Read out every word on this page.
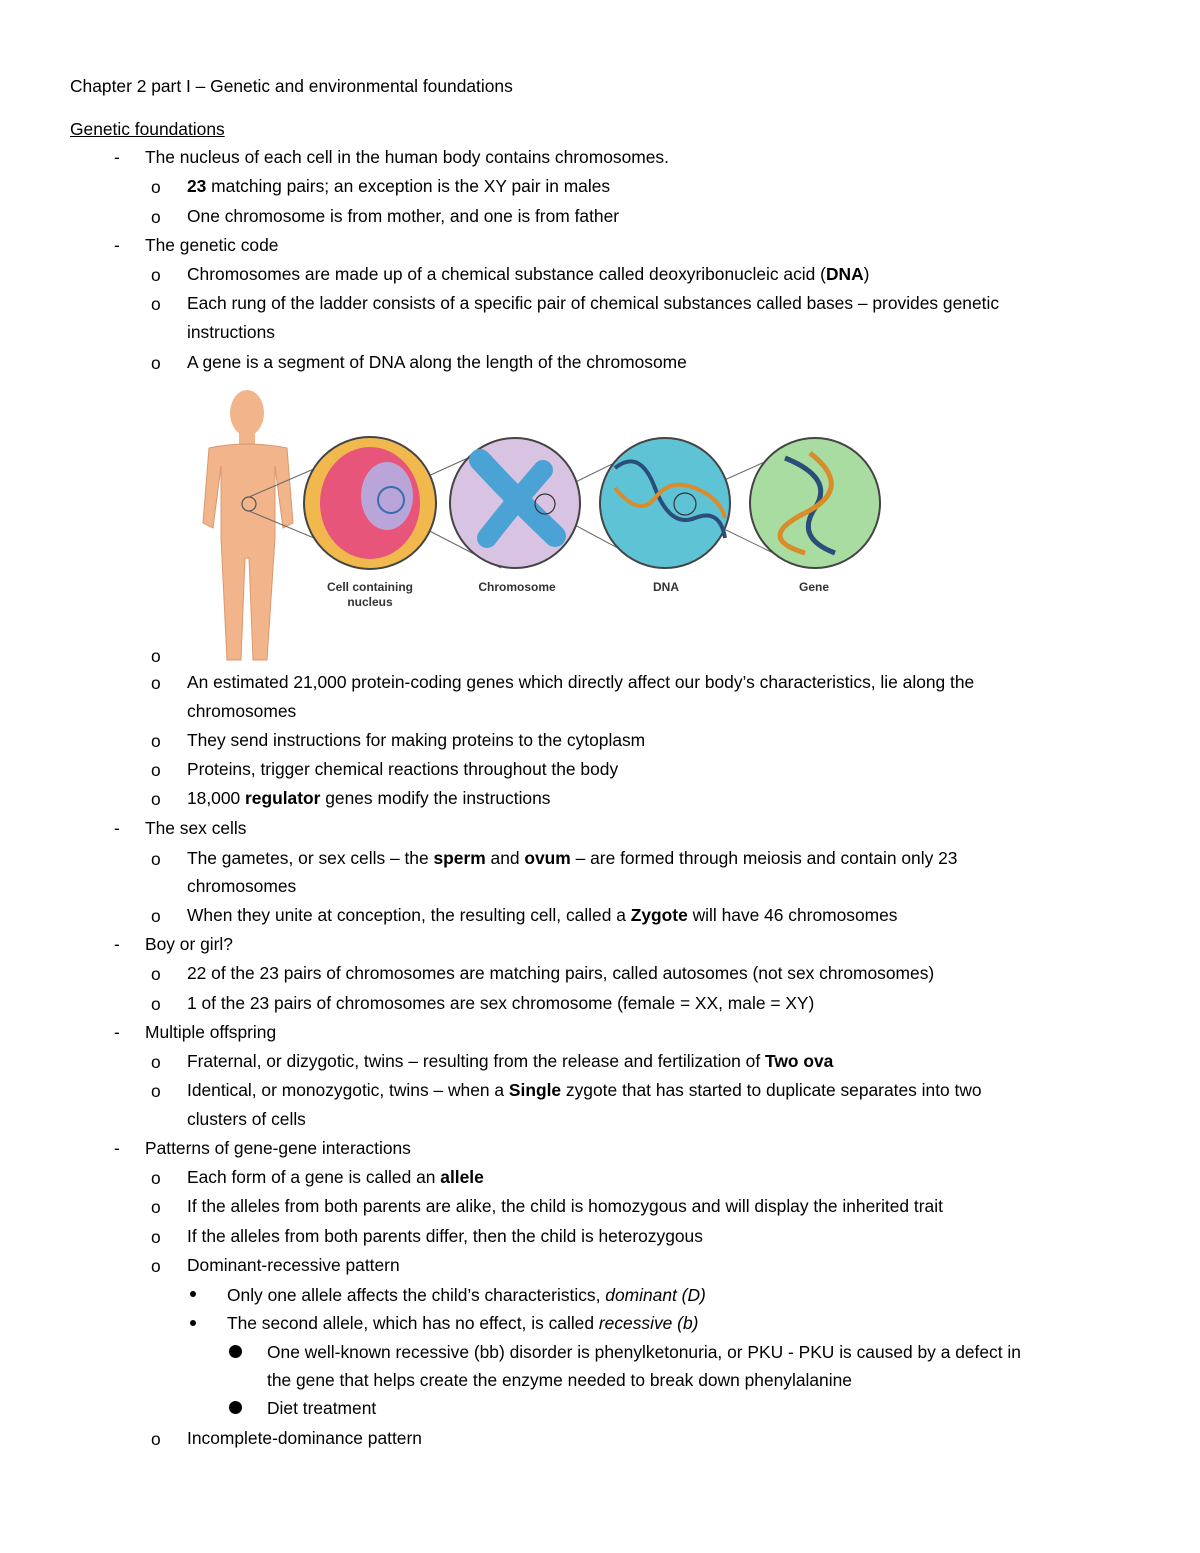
Chapter 2 part I – Genetic and environmental foundations
Genetic foundations
- The nucleus of each cell in the human body contains chromosomes.
o 23 matching pairs; an exception is the XY pair in males
o One chromosome is from mother, and one is from father
- The genetic code
o Chromosomes are made up of a chemical substance called deoxyribonucleic acid (DNA)
o Each rung of the ladder consists of a specific pair of chemical substances called bases – provides genetic
instructions
o A gene is a segment of DNA along the length of the chromosome
Cell containing
nucleus
Chromosome	DNA	Gene
o
o An estimated 21,000 protein-coding genes which directly affect our body’s characteristics, lie along the
chromosomes
o They send instructions for making proteins to the cytoplasm
o Proteins, trigger chemical reactions throughout the body
o 18,000 regulator genes modify the instructions
- The sex cells
o The gametes, or sex cells – the sperm and ovum – are formed through meiosis and contain only 23
chromosomes
o When they unite at conception, the resulting cell, called a Zygote will have 46 chromosomes
- Boy or girl?
o 22 of the 23 pairs of chromosomes are matching pairs, called autosomes (not sex chromosomes)
o 1 of the 23 pairs of chromosomes are sex chromosome (female = XX, male = XY)
- Multiple offspring
o Fraternal, or dizygotic, twins – resulting from the release and fertilization of Two ova
o Identical, or monozygotic, twins – when a Single zygote that has started to duplicate separates into two
clusters of cells
- Patterns of gene-gene interactions
o Each form of a gene is called an allele
o If the alleles from both parents are alike, the child is homozygous and will display the inherited trait
o If the alleles from both parents differ, then the child is heterozygous
o Dominant-recessive pattern
Only one allele affects the child’s characteristics, dominant (D)
The second allele, which has no effect, is called recessive (b)
One well-known recessive (bb) disorder is phenylketonuria, or PKU - PKU is caused by a defect in
the gene that helps create the enzyme needed to break down phenylalanine
Diet treatment
o Incomplete-dominance pattern
